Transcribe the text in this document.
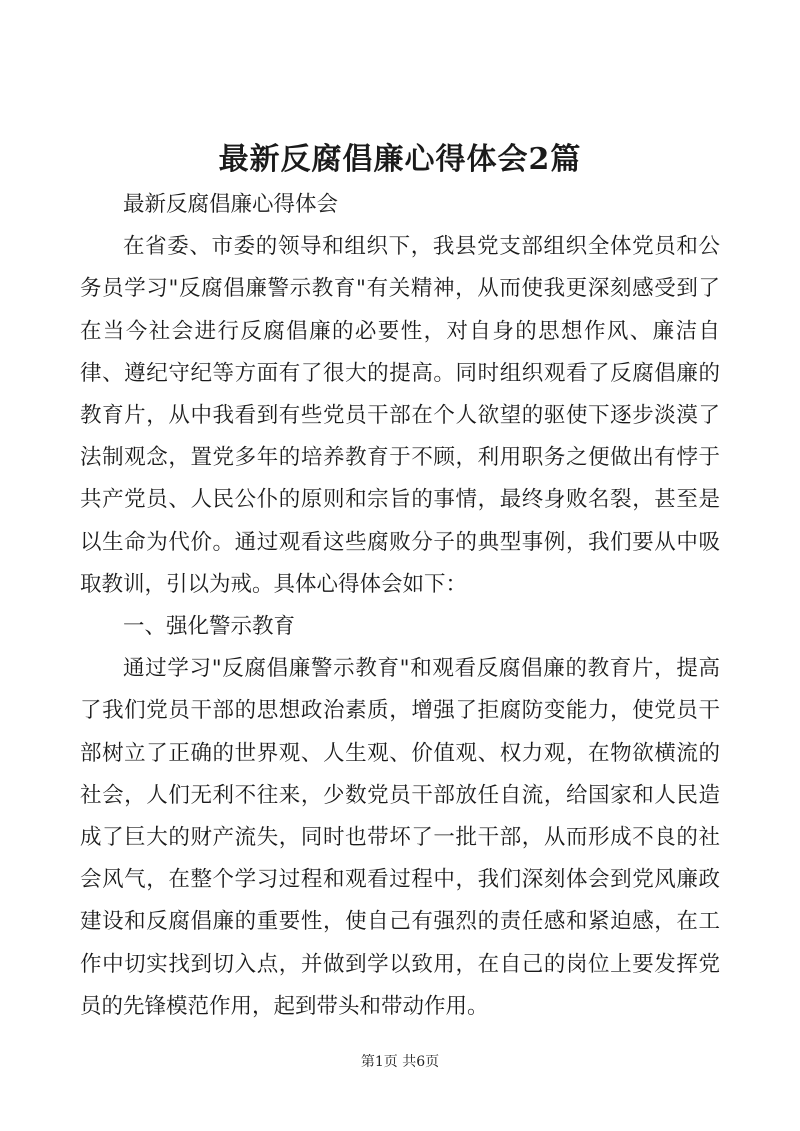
最新反腐倡廉心得体会2篇

最新反腐倡廉心得体会

在省委、市委的领导和组织下，我县党支部组织全体党员和公务员学习"反腐倡廉警示教育"有关精神，从而使我更深刻感受到了在当今社会进行反腐倡廉的必要性，对自身的思想作风、廉洁自律、遵纪守纪等方面有了很大的提高。同时组织观看了反腐倡廉的教育片，从中我看到有些党员干部在个人欲望的驱使下逐步淡漠了法制观念，置党多年的培养教育于不顾，利用职务之便做出有悖于共产党员、人民公仆的原则和宗旨的事情，最终身败名裂，甚至是以生命为代价。通过观看这些腐败分子的典型事例，我们要从中吸取教训，引以为戒。具体心得体会如下：

一、强化警示教育

通过学习"反腐倡廉警示教育"和观看反腐倡廉的教育片，提高了我们党员干部的思想政治素质，增强了拒腐防变能力，使党员干部树立了正确的世界观、人生观、价值观、权力观，在物欲横流的社会，人们无利不往来，少数党员干部放任自流，给国家和人民造成了巨大的财产流失，同时也带坏了一批干部，从而形成不良的社会风气，在整个学习过程和观看过程中，我们深刻体会到党风廉政建设和反腐倡廉的重要性，使自己有强烈的责任感和紧迫感，在工作中切实找到切入点，并做到学以致用，在自己的岗位上要发挥党员的先锋模范作用，起到带头和带动作用。

第1页 共6页
